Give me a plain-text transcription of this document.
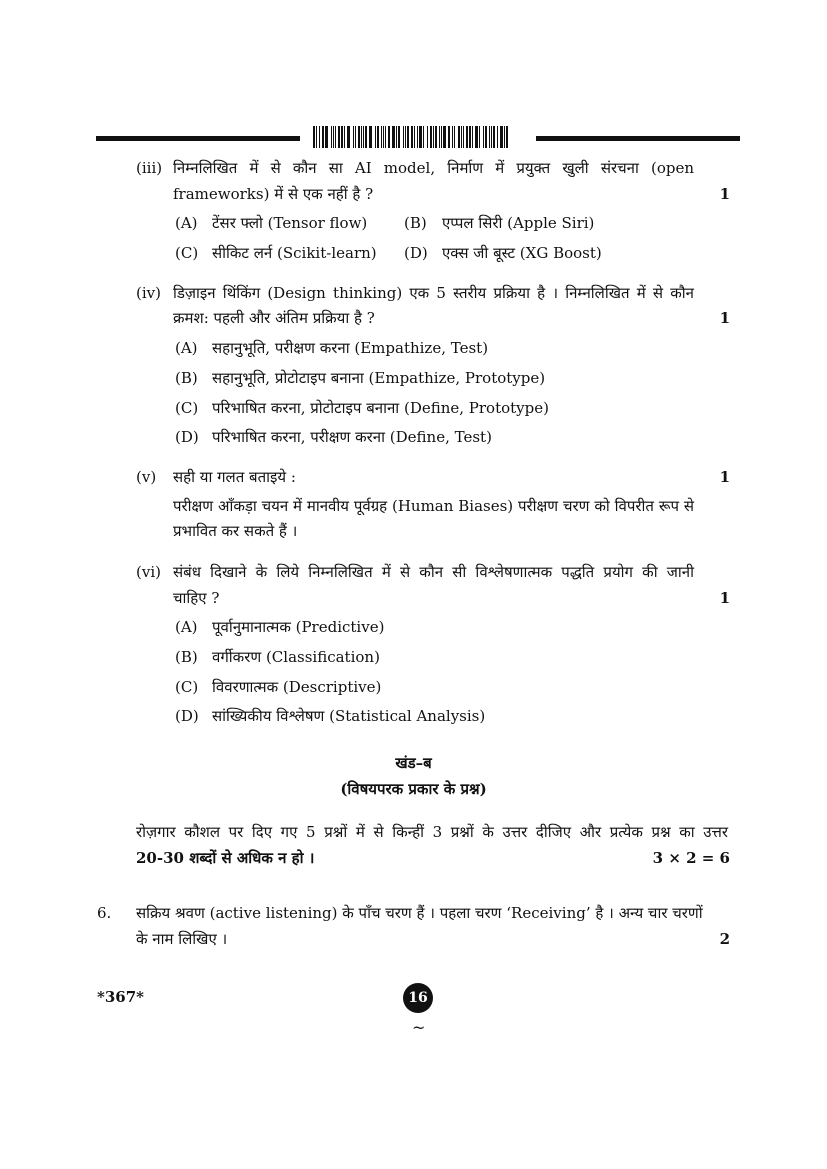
(iii) निम्नलिखित में से कौन सा AI model, निर्माण में प्रयुक्त खुली संरचना (open
frameworks) में से एक नहीं है ?	1
(A) टेंसर फ्लो (Tensor flow) (B) एप्पल सिरी (Apple Siri)
(C) सीकिट लर्न (Scikit-learn) (D) एक्स जी बूस्ट (XG Boost)
(iv) डिज़ाइन थिंकिंग (Design thinking) एक 5 स्तरीय प्रक्रिया है । निम्नलिखित में से कौन
क्रमश: पहली और अंतिम प्रक्रिया है ?	1
(A) सहानुभूति, परीक्षण करना (Empathize, Test)
(B) सहानुभूति, प्रोटोटाइप बनाना (Empathize, Prototype)
(C) परिभाषित करना, प्रोटोटाइप बनाना (Define, Prototype)
(D) परिभाषित करना, परीक्षण करना (Define, Test)
(v) सही या गलत बताइये :	1
परीक्षण आँकड़ा चयन में मानवीय पूर्वग्रह (Human Biases) परीक्षण चरण को विपरीत रूप से
प्रभावित कर सकते हैं ।
(vi) संबंध दिखाने के लिये निम्नलिखित में से कौन सी विश्लेषणात्मक पद्धति प्रयोग की जानी
चाहिए ?	1
(A) पूर्वानुमानात्मक (Predictive)
(B) वर्गीकरण (Classification)
(C) विवरणात्मक (Descriptive)
(D) सांख्यिकीय विश्लेषण (Statistical Analysis)
खंड–ब
(विषयपरक प्रकार के प्रश्न)
रोज़गार कौशल पर दिए गए 5 प्रश्नों में से किन्हीं 3 प्रश्नों के उत्तर दीजिए और प्रत्येक प्रश्न का उत्तर
20-30 शब्दों से अधिक न हो ।	3 × 2 = 6
6. सक्रिय श्रवण (active listening) के पाँच चरण हैं । पहला चरण ‘Receiving’ है । अन्य चार चरणों
के नाम लिखिए ।	2
*367*	16
~
